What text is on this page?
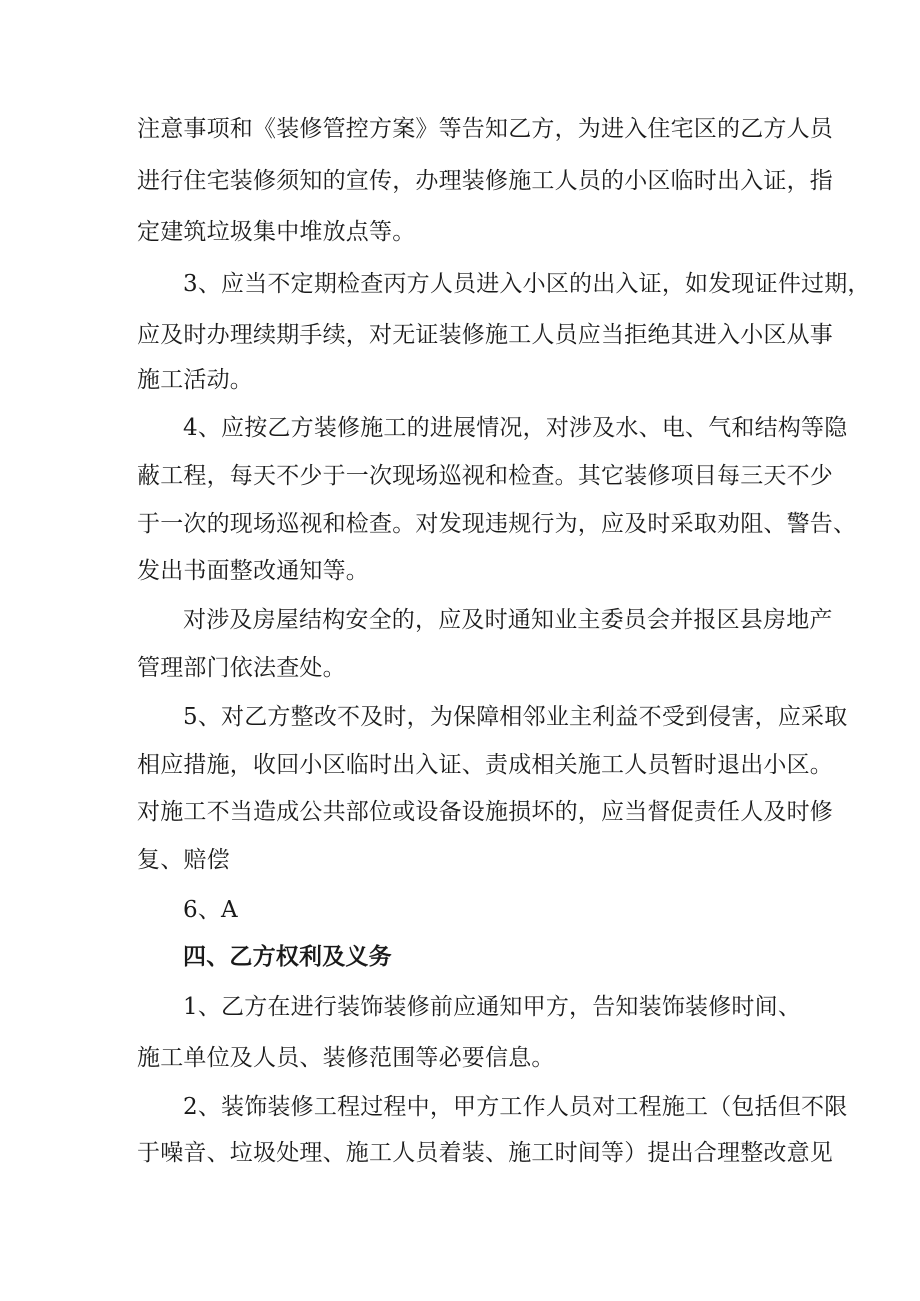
注意事项和《装修管控方案》等告知乙方，为进入住宅区的乙方人员
进行住宅装修须知的宣传，办理装修施工人员的小区临时出入证，指
定建筑垃圾集中堆放点等。
3、应当不定期检查丙方人员进入小区的出入证，如发现证件过期，
应及时办理续期手续，对无证装修施工人员应当拒绝其进入小区从事
施工活动。
4、应按乙方装修施工的进展情况，对涉及水、电、气和结构等隐
蔽工程，每天不少于一次现场巡视和检查。其它装修项目每三天不少
于一次的现场巡视和检查。对发现违规行为，应及时采取劝阻、警告、
发出书面整改通知等。
对涉及房屋结构安全的，应及时通知业主委员会并报区县房地产
管理部门依法查处。
5、对乙方整改不及时，为保障相邻业主利益不受到侵害，应采取
相应措施，收回小区临时出入证、责成相关施工人员暂时退出小区。
对施工不当造成公共部位或设备设施损坏的，应当督促责任人及时修
复、赔偿
6、A
四、乙方权利及义务
1、乙方在进行装饰装修前应通知甲方，告知装饰装修时间、
施工单位及人员、装修范围等必要信息。
2、装饰装修工程过程中，甲方工作人员对工程施工（包括但不限
于噪音、垃圾处理、施工人员着装、施工时间等）提出合理整改意见
